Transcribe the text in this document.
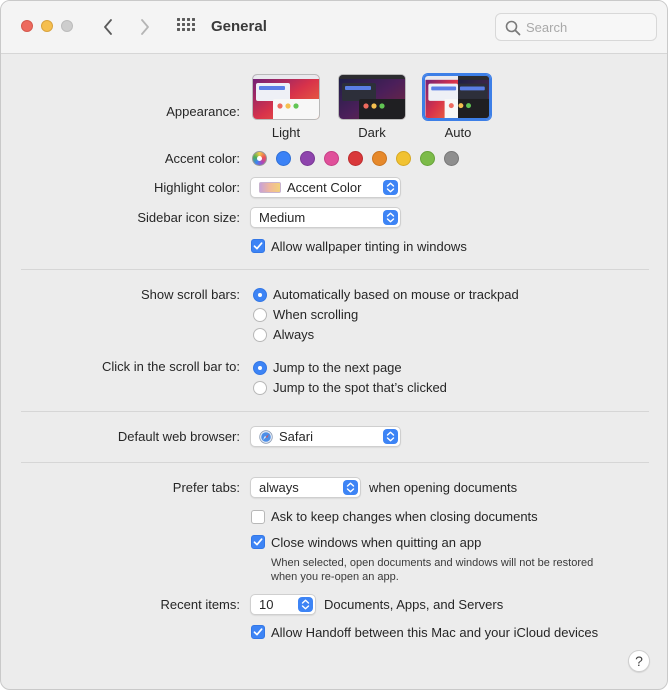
General
Search
Appearance:
Light	Dark	Auto
Accent color:
Highlight color:	Accent Color
Sidebar icon size: Medium
Allow wallpaper tinting in windows
Show scroll bars:	Automatically based on mouse or trackpad
When scrolling
Always
Click in the scroll bar to:	Jump to the next page
Jump to the spot that’s clicked
Default web browser:	Safari
Prefer tabs: always	when opening documents
Ask to keep changes when closing documents
Close windows when quitting an app
When selected, open documents and windows will not be restored
when you re-open an app.
Recent items: 10	Documents, Apps, and Servers
Allow Handoff between this Mac and your iCloud devices
?
